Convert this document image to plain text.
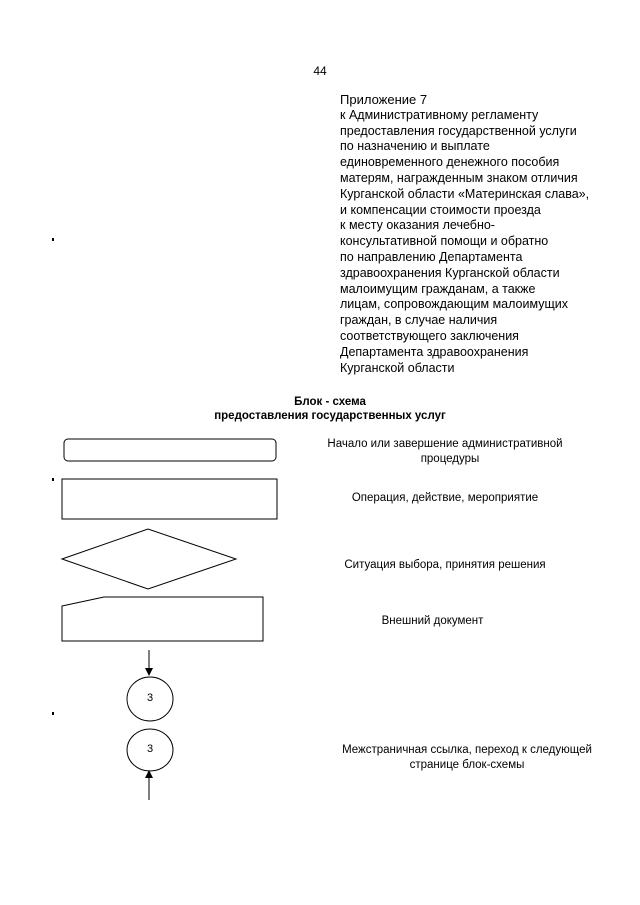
44
Приложение 7
к Административному регламенту
предоставления государственной услуги
по назначению и выплате
единовременного денежного пособия
матерям, награжденным знаком отличия
Курганской области «Материнская слава»,
и компенсации стоимости проезда
к месту оказания лечебно-
консультативной помощи и обратно
по направлению Департамента
здравоохранения Курганской области
малоимущим гражданам, а также
лицам, сопровождающим малоимущих
граждан, в случае наличия
соответствующего заключения
Департамента здравоохранения
Курганской области
Блок - схема
предоставления государственных услуг
3
3
Начало или завершение административной
процедуры
Операция, действие, мероприятие
Ситуация выбора, принятия решения
Внешний документ
Межстраничная ссылка, переход к следующей
странице блок-схемы
